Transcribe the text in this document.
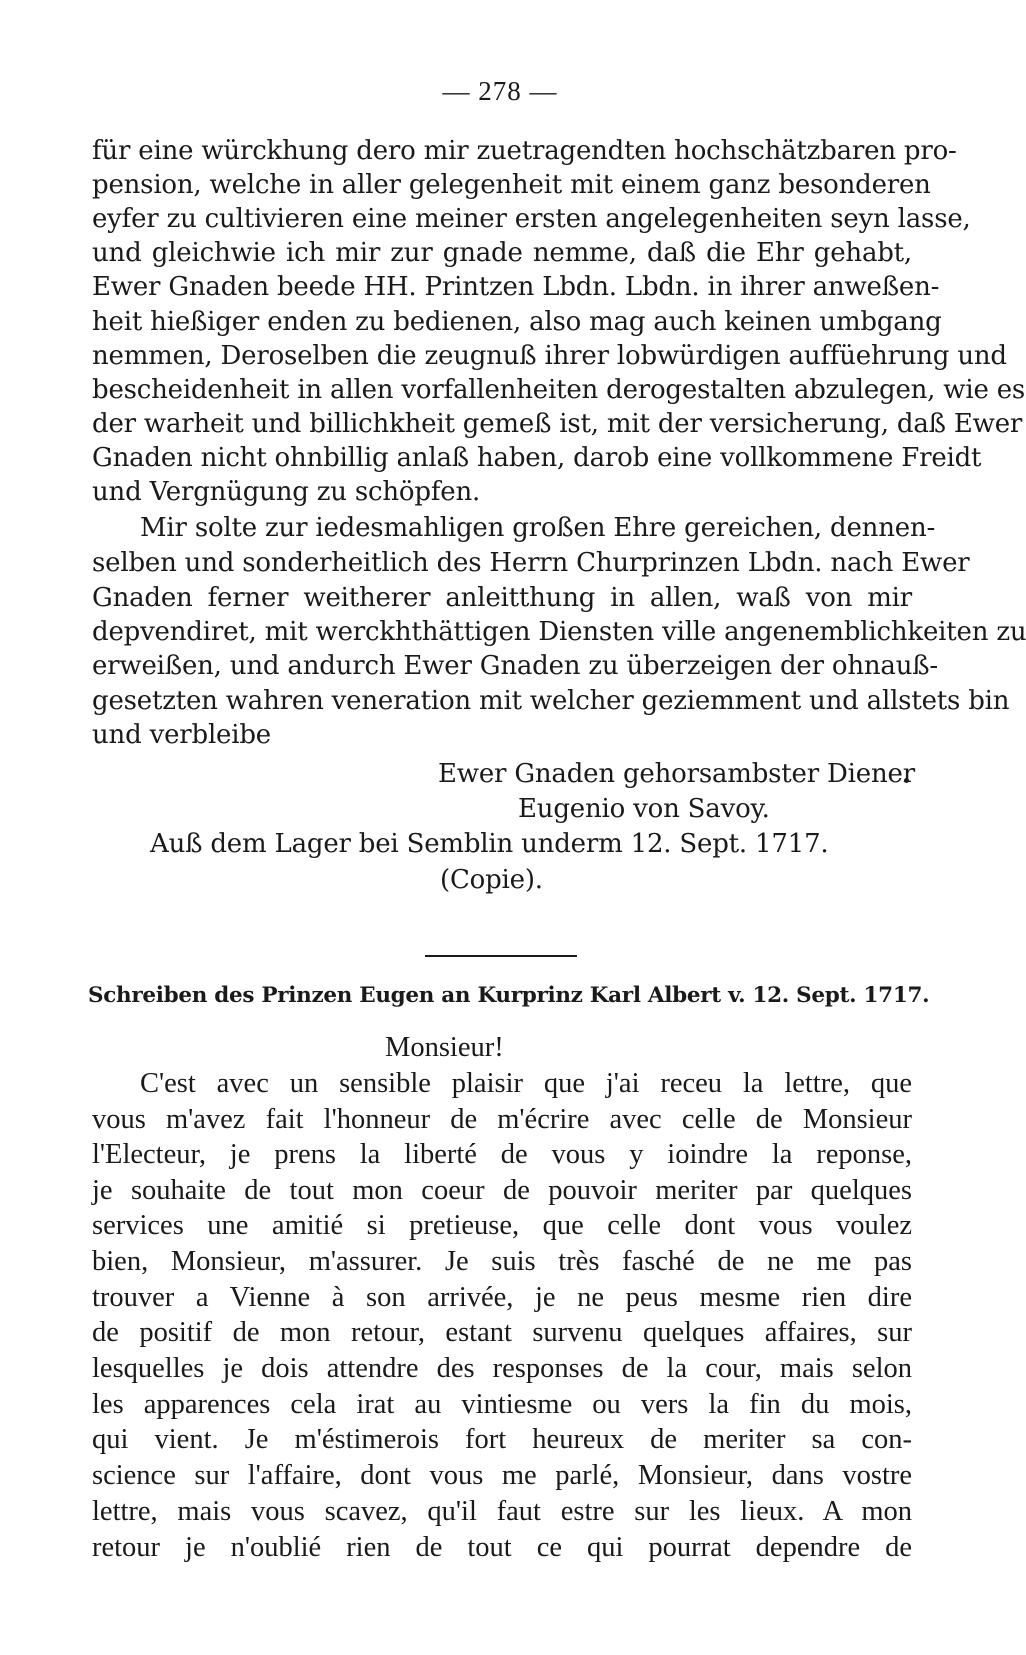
— 278 —
für eine würckhung dero mir zuetragendten hochschätzbaren pro-
pension, welche in aller gelegenheit mit einem ganz besonderen
eyfer zu cultivieren eine meiner ersten angelegenheiten seyn lasse,
und gleichwie ich mir zur gnade nemme, daß die Ehr gehabt,
Ewer Gnaden beede HH. Printzen Lbdn. Lbdn. in ihrer anweßen-
heit hießiger enden zu bedienen, also mag auch keinen umbgang
nemmen, Deroselben die zeugnuß ihrer lobwürdigen auffüehrung und
bescheidenheit in allen vorfallenheiten derogestalten abzulegen, wie es
der warheit und billichkheit gemeß ist, mit der versicherung, daß Ewer
Gnaden nicht ohnbillig anlaß haben, darob eine vollkommene Freidt
und Vergnügung zu schöpfen.
Mir solte zur iedesmahligen großen Ehre gereichen, dennen-
selben und sonderheitlich des Herrn Churprinzen Lbdn. nach Ewer
Gnaden ferner weitherer anleitthung in allen, waß von mir
depvendiret, mit werckhthättigen Diensten ville angenemblichkeiten zu
erweißen, und andurch Ewer Gnaden zu überzeigen der ohnauß-
gesetzten wahren veneration mit welcher geziemment und allstets bin
und verbleibe
Ewer Gnaden gehorsambster Diener
Eugenio von Savoy.
Auß dem Lager bei Semblin underm 12. Sept. 1717.
(Copie).
Schreiben des Prinzen Eugen an Kurprinz Karl Albert v. 12. Sept. 1717.
Monsieur!
C'est avec un sensible plaisir que j'ai receu la lettre, que
vous m'avez fait l'honneur de m'écrire avec celle de Monsieur
l'Electeur, je prens la liberté de vous y ioindre la reponse,
je souhaite de tout mon coeur de pouvoir meriter par quelques
services une amitié si pretieuse, que celle dont vous voulez
bien, Monsieur, m'assurer. Je suis très fasché de ne me pas
trouver a Vienne à son arrivée, je ne peus mesme rien dire
de positif de mon retour, estant survenu quelques affaires, sur
lesquelles je dois attendre des responses de la cour, mais selon
les apparences cela irat au vintiesme ou vers la fin du mois,
qui vient. Je m'éstimerois fort heureux de meriter sa con-
science sur l'affaire, dont vous me parlé, Monsieur, dans vostre
lettre, mais vous scavez, qu'il faut estre sur les lieux. A mon
retour je n'oublié rien de tout ce qui pourrat dependre de
